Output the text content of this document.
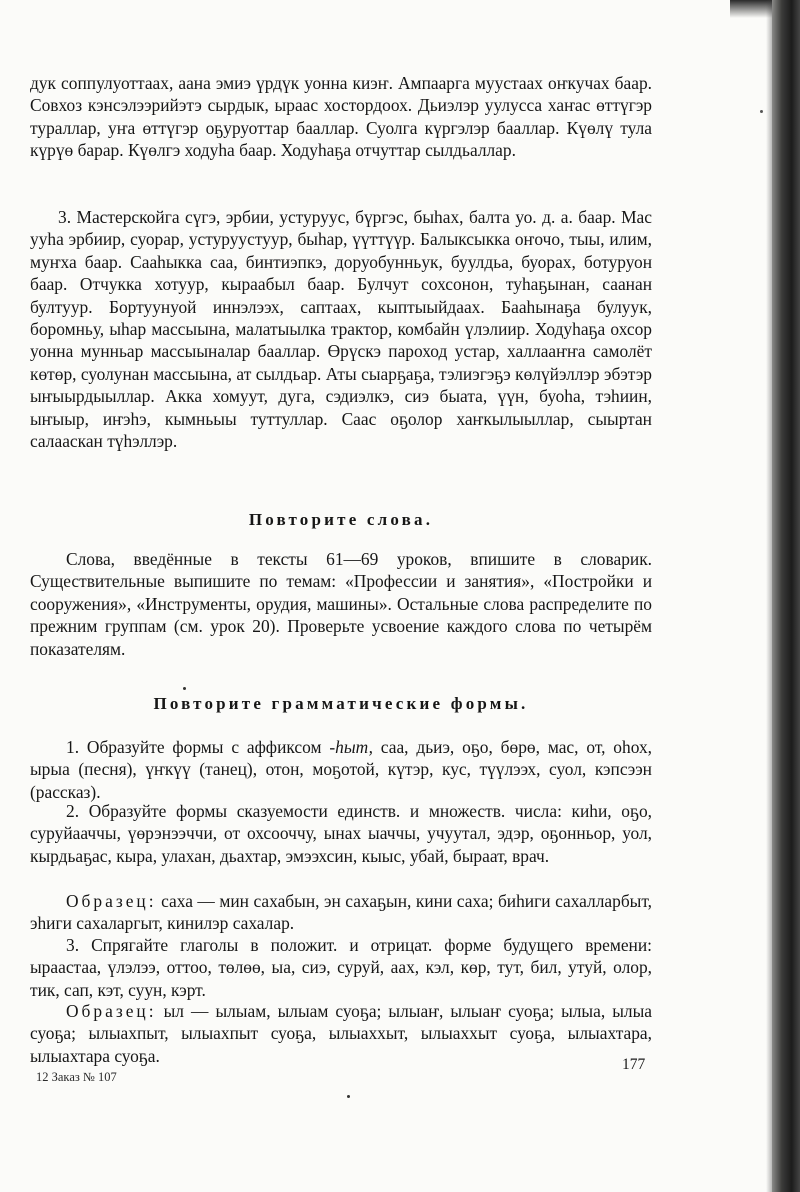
дук соппулуоттаах, аана эмиэ үрдүк уонна киэҥ. Ампаарга муустаах оҥкучах баар. Совхоз кэнсэлээрийэтэ сырдык, ыраас хостордоох. Дьиэлэр уулусса хаҥас өттүгэр тураллар, уҥа өттүгэр оҕуруоттар бааллар. Суолга күргэлэр бааллар. Күөлү тула күрүө барар. Күөлгэ ходуһа баар. Ходуһаҕа отчуттар сылдьаллар.

3. Мастерскойга сүгэ, эрбии, устуруус, бүргэс, быһах, балта уо. д. а. баар. Мас ууһа эрбиир, суорар, устуруустуур, быһар, үүттүүр. Балыксыкка оҥочо, тыы, илим, муҥха баар. Сааһыкка саа, бинтиэпкэ, доруобунньук, буулдьа, буорах, ботуруон баар. Отчукка хотуур, кыраабыл баар. Булчут сохсонон, туһаҕынан, саанан бултуур. Бортуунуой иннэлээх, саптаах, кыптыыйдаах. Бааһынаҕа булуук, боромньу, ыһар массыына, малатыылка трактор, комбайн үлэлиир. Ходуһаҕа охсор уонна мунньар массыыналар бааллар. Өрүскэ пароход устар, халлааҥҥа самолёт көтөр, суолунан массыына, ат сылдьар. Аты сыарҕаҕа, тэлиэгэҕэ көлүйэллэр эбэтэр ыҥыырдыыллар. Акка хомуут, дуга, сэдиэлкэ, сиэ быата, үүн, буоһа, тэһиин, ыҥыыр, иҥэһэ, кымньыы туттуллар. Саас оҕолор хаҥкылыыллар, сыыртан салааскан түһэллэр.

Повторите слова.

Слова, введённые в тексты 61—69 уроков, впишите в словарик. Существительные выпишите по темам: «Профессии и занятия», «Постройки и сооружения», «Инструменты, орудия, машины». Остальные слова распределите по прежним группам (см. урок 20). Проверьте усвоение каждого слова по четырём показателям.

Повторите грамматические формы.

1. Образуйте формы с аффиксом -һыт, саа, дьиэ, оҕо, бөрө, мас, от, оһох, ырыа (песня), үҥкүү (танец), отон, моҕотой, күтэр, кус, түүлээх, суол, кэпсээн (рассказ).

2. Образуйте формы сказуемости единств. и множеств. числа: киһи, оҕо, суруйааччы, үөрэнээччи, от охсооччу, ынах ыаччы, учуутал, эдэр, оҕонньор, уол, кырдьаҕас, кыра, улахан, дьахтар, эмээхсин, кыыс, убай, быраат, врач.

Образец: саха — мин сахабын, эн сахаҕын, кини саха; биһиги сахалларбыт, эһиги сахаларгыт, кинилэр сахалар.

3. Спрягайте глаголы в положит. и отрицат. форме будущего времени: ыраастаа, үлэлээ, оттоо, төлөө, ыа, сиэ, суруй, аах, кэл, көр, тут, бил, утуй, олор, тик, сап, кэт, суун, кэрт.

Образец: ыл — ылыам, ылыам суоҕа; ылыаҥ, ылыаҥ суоҕа; ылыа, ылыа суоҕа; ылыахпыт, ылыахпыт суоҕа, ылыаххыт, ылыаххыт суоҕа, ылыахтара, ылыахтара суоҕа.

12 Заказ № 107
177
